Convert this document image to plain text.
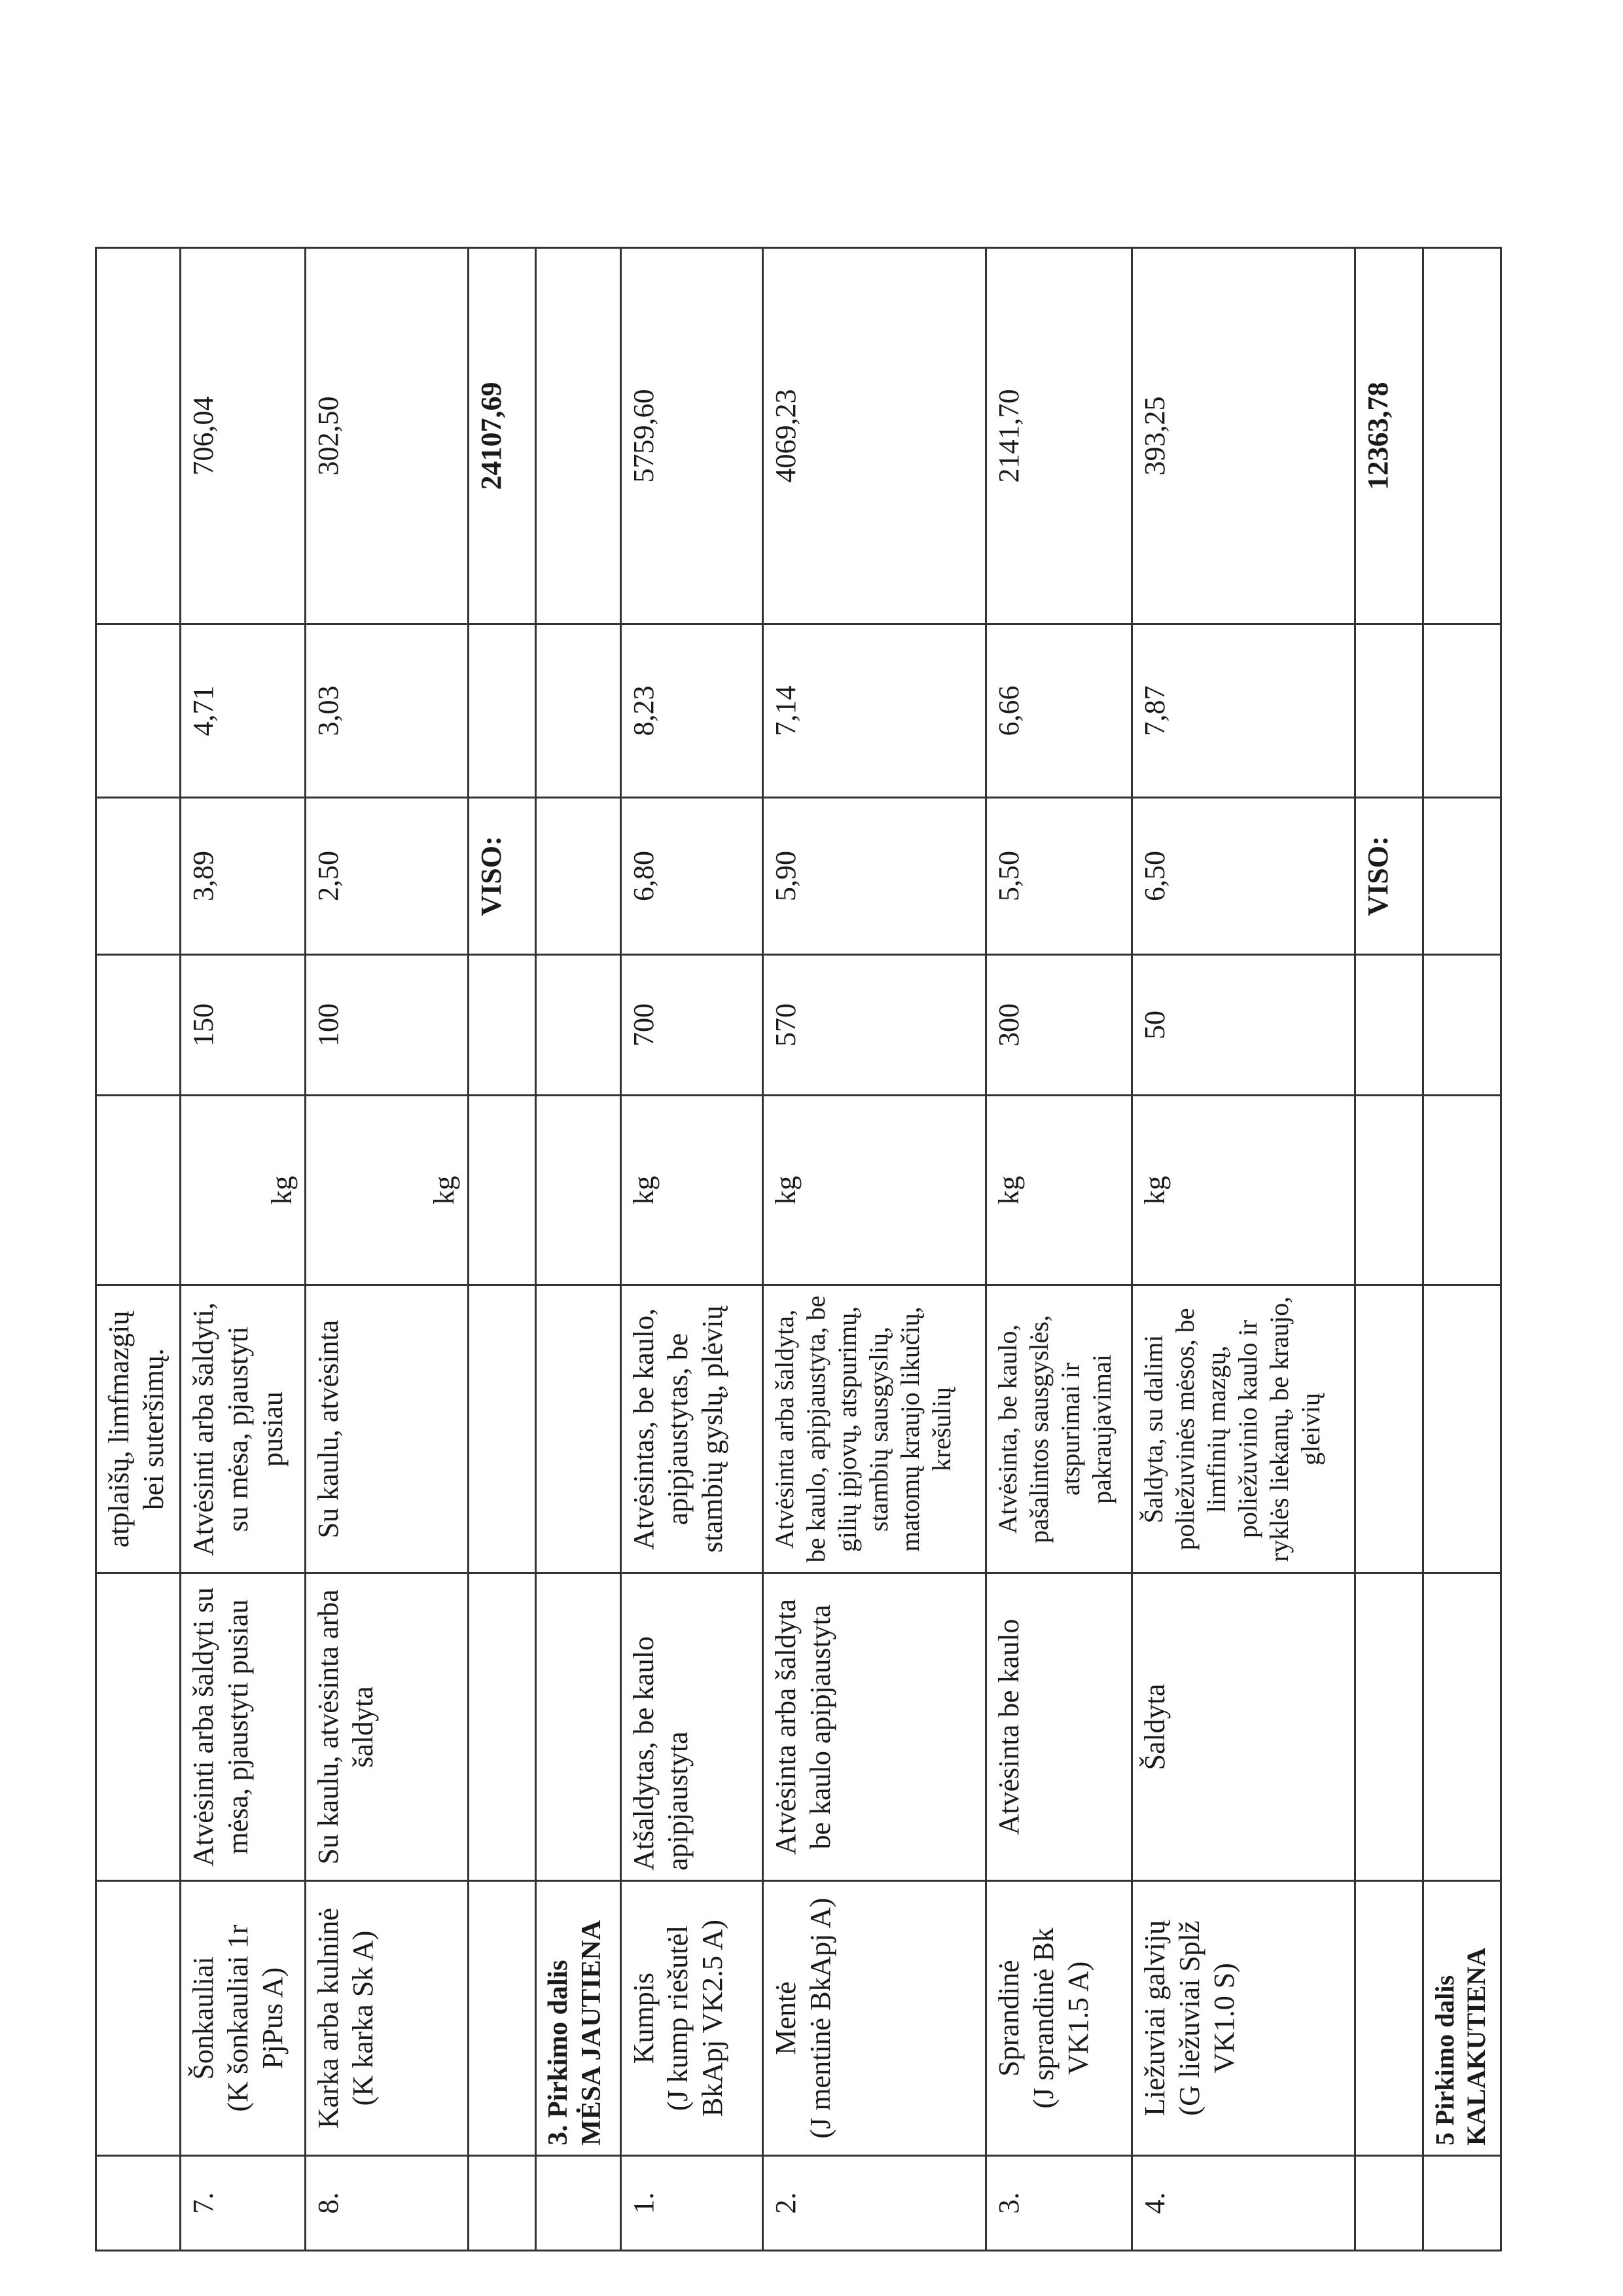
			atplaišų, limfmazgių bei suteršimų.					
7.	Šonkauliai (K šonkauliai 1r PjPus A)	Atvėsinti arba šaldyti su mėsa, pjaustyti pusiau	Atvėsinti arba šaldyti, su mėsa, pjaustyti pusiau	kg	150	3,89	4,71	706,04
8.	Karka arba kulninė (K karka Sk A)	Su kaulu, atvėsinta arba šaldyta	Su kaulu, atvėsinta	kg	100	2,50	3,03	302,50
						VISO:		24107,69
	3. Pirkimo dalis MĖSA JAUTIENA							
1.	Kumpis (J kump riešutėl BkApj VK2.5 A)	Atšaldytas, be kaulo apipjaustyta	Atvėsintas, be kaulo, apipjaustytas, be stambių gyslų, plėvių	kg	700	6,80	8,23	5759,60
2.	Mentė (J mentinė BkApj A)	Atvėsinta arba šaldyta be kaulo apipjaustyta	Atvėsinta arba šaldyta, be kaulo, apipjaustyta, be gilių įpjovų, atspurimų, stambių sausgyslių, matomų kraujo likučių, krešulių	kg	570	5,90	7,14	4069,23
3.	Sprandinė (J sprandinė Bk VK1.5 A)	Atvėsinta be kaulo	Atvėsinta, be kaulo, pašalintos sausgyslės, atspurimai ir pakraujavimai	kg	300	5,50	6,66	2141,70
4.	Liežuviai galvijų (G liežuviai Splž VK1.0 S)	Šaldyta	Šaldyta, su dalimi poliežuvinės mėsos, be limfinių mazgų, poliežuvinio kaulo ir ryklės liekanų, be kraujo, gleivių	kg	50	6,50	7,87	393,25
						VISO:		12363,78
	5 Pirkimo dalis KALAKUTIENA							
